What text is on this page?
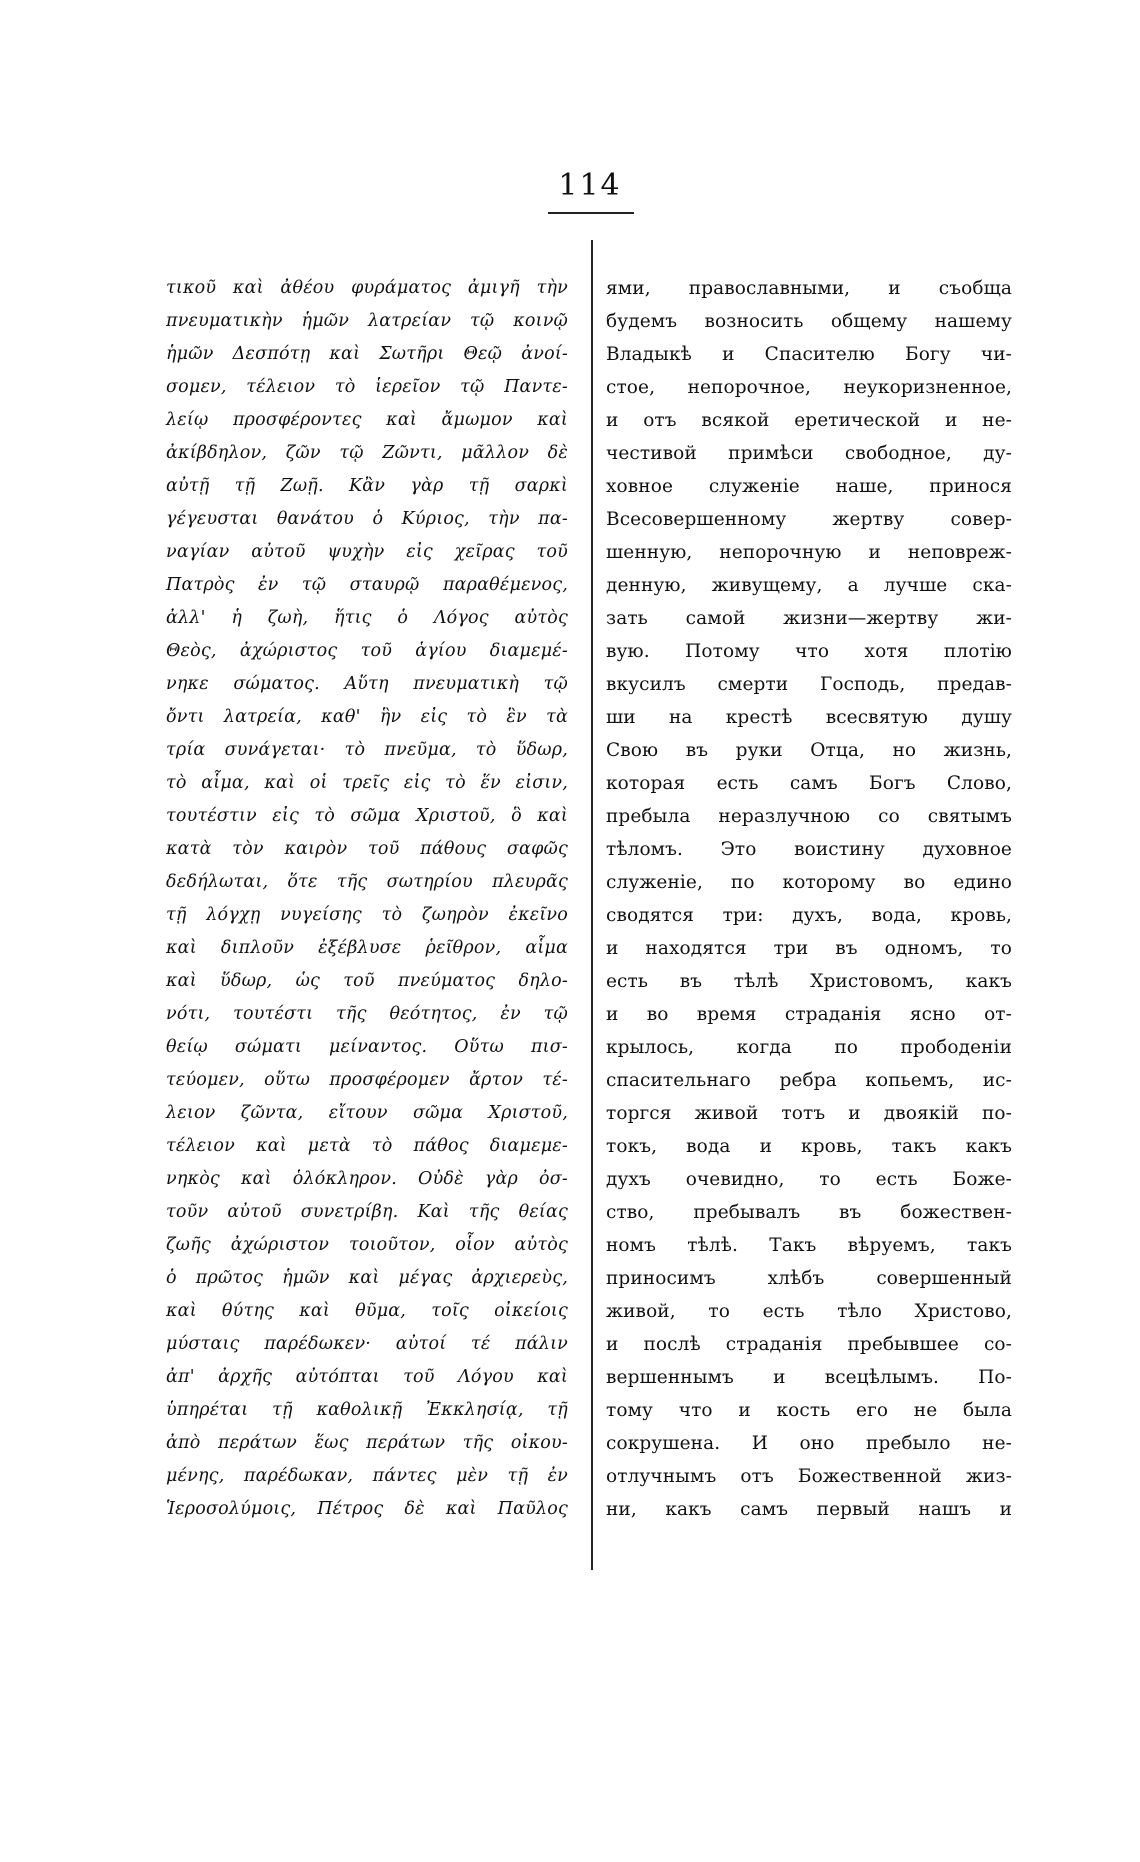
114
τικοῦ καὶ ἀθέου φυράματος ἀμιγῆ τὴν
πνευματικὴν ἡμῶν λατρείαν τῷ κοινῷ
ἡμῶν Δεσπότῃ καὶ Σωτῆρι Θεῷ ἀνοί-
σομεν, τέλειον τὸ ἱερεῖον τῷ Παντε-
λείῳ προσφέροντες καὶ ἄμωμον καὶ
ἀκίβδηλον, ζῶν τῷ Ζῶντι, μᾶλλον δὲ
αὐτῇ τῇ Ζωῇ. Κἂν γὰρ τῇ σαρκὶ
γέγευσται θανάτου ὁ Κύριος, τὴν πα-
ναγίαν αὐτοῦ ψυχὴν εἰς χεῖρας τοῦ
Πατρὸς ἐν τῷ σταυρῷ παραθέμενος,
ἀλλ' ἡ ζωὴ, ἥτις ὁ Λόγος αὐτὸς
Θεὸς, ἀχώριστος τοῦ ἁγίου διαμεμέ-
νηκε σώματος. Αὕτη πνευματικὴ τῷ
ὄντι λατρεία, καθ' ἣν εἰς τὸ ἓν τὰ
τρία συνάγεται· τὸ πνεῦμα, τὸ ὕδωρ,
τὸ αἷμα, καὶ οἱ τρεῖς εἰς τὸ ἕν εἰσιν,
τουτέστιν εἰς τὸ σῶμα Χριστοῦ, ὃ καὶ
κατὰ τὸν καιρὸν τοῦ πάθους σαφῶς
δεδήλωται, ὅτε τῆς σωτηρίου πλευρᾶς
τῇ λόγχῃ νυγείσης τὸ ζωηρὸν ἐκεῖνο
καὶ διπλοῦν ἐξέβλυσε ῥεῖθρον, αἷμα
καὶ ὕδωρ, ὡς τοῦ πνεύματος δηλο-
νότι, τουτέστι τῆς θεότητος, ἐν τῷ
θείῳ σώματι μείναντος. Οὕτω πισ-
τεύομεν, οὕτω προσφέρομεν ἄρτον τέ-
λειον ζῶντα, εἴτουν σῶμα Χριστοῦ,
τέλειον καὶ μετὰ τὸ πάθος διαμεμε-
νηκὸς καὶ ὁλόκληρον. Οὐδὲ γὰρ ὀσ-
τοῦν αὐτοῦ συνετρίβη. Καὶ τῆς θείας
ζωῆς ἀχώριστον τοιοῦτον, οἷον αὐτὸς
ὁ πρῶτος ἡμῶν καὶ μέγας ἀρχιερεὺς,
καὶ θύτης καὶ θῦμα, τοῖς οἰκείοις
μύσταις παρέδωκεν· αὐτοί τέ πάλιν
ἀπ' ἀρχῆς αὐτόπται τοῦ Λόγου καὶ
ὑπηρέται τῇ καθολικῇ Ἐκκλησίᾳ, τῇ
ἀπὸ περάτων ἕως περάτων τῆς οἰκου-
μένης, παρέδωκαν, πάντες μὲν τῇ ἐν
Ἱεροσολύμοις, Πέτρος δὲ καὶ Παῦλος
ями, православными, и съобща
будемъ возносить общему нашему
Владыкѣ и Спасителю Богу чи-
стое, непорочное, неукоризненное,
и отъ всякой еретической и не-
честивой примѣси свободное, ду-
ховное служеніе наше, принося
Всесовершенному жертву совер-
шенную, непорочную и неповреж-
денную, живущему, а лучше ска-
зать самой жизни—жертву жи-
вую. Потому что хотя плотію
вкусилъ смерти Господь, предав-
ши на крестѣ всесвятую душу
Свою въ руки Отца, но жизнь,
которая есть самъ Богъ Слово,
пребыла неразлучною со святымъ
тѣломъ. Это воистину духовное
служеніе, по которому во едино
сводятся три: духъ, вода, кровь,
и находятся три въ одномъ, то
есть въ тѣлѣ Христовомъ, какъ
и во время страданія ясно от-
крылось, когда по прободеніи
спасительнаго ребра копьемъ, ис-
торгся живой тотъ и двоякій по-
токъ, вода и кровь, такъ какъ
духъ очевидно, то есть Боже-
ство, пребывалъ въ божествен-
номъ тѣлѣ. Такъ вѣруемъ, такъ
приносимъ хлѣбъ совершенный
живой, то есть тѣло Христово,
и послѣ страданія пребывшее со-
вершеннымъ и всецѣлымъ. По-
тому что и кость его не была
сокрушена. И оно пребыло не-
отлучнымъ отъ Божественной жиз-
ни, какъ самъ первый нашъ и
